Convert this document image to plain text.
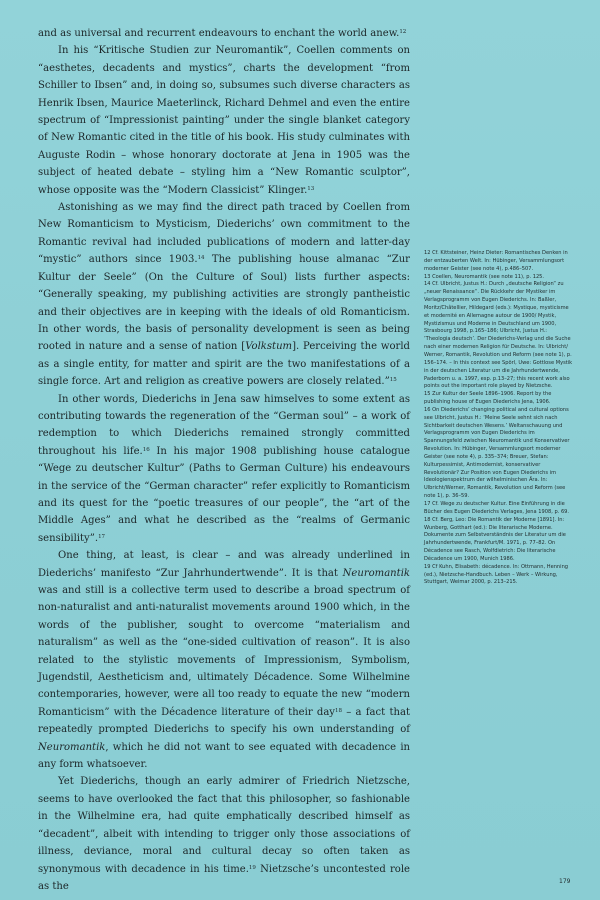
and as universal and recurrent endeavours to enchant the world anew.$^{12}$

In his “Kritische Studien zur Neuromantik”, Coellen comments on “aesthetes, decadents and mystics”, charts the development “from Schiller to Ibsen” and, in doing so, subsumes such diverse characters as Henrik Ibsen, Maurice Maeterlinck, Richard Dehmel and even the entire spectrum of “Impressionist painting” under the single blanket category of New Romantic cited in the title of his book. His study culminates with Auguste Rodin – whose honorary doctorate at Jena in 1905 was the subject of heated debate – styling him a “New Romantic sculptor”, whose opposite was the “Modern Classicist” Klinger.$^{13}$

Astonishing as we may find the direct path traced by Coellen from New Romanticism to Mysticism, Diederichs’ own commitment to the Romantic revival had included publications of modern and latter-day “mystic” authors since 1903.14 The publishing house almanac “Zur Kultur der Seele” (On the Culture of Soul) lists further aspects: “Generally speaking, my publishing activities are strongly pantheistic and their objectives are in keeping with the ideals of old Romanticism. In other words, the basis of personality development is seen as being rooted in nature and a sense of nation [Volkstum]. Perceiving the world as a single entity, for matter and spirit are the two manifestations of a single force. Art and religion as creative powers are closely related.”$^{15}$

In other words, Diederichs in Jena saw himselves to some extent as contributing towards the regeneration of the “German soul” – a work of redemption to which Diederichs remained strongly committed throughout his life.$^{16}$ In his major 1908 publishing house catalogue “Wege zu deutscher Kultur” (Paths to German Culture) his endeavours in the service of the “German character” refer explicitly to Romanticism and its quest for the “poetic treasures of our people”, the “art of the Middle Ages” and what he described as the “realms of Germanic sensibility”.$^{17}$

One thing, at least, is clear – and was already underlined in Diederichs’ manifesto “Zur Jahrhundertwende”. It is that Neuromantik was and still is a collective term used to describe a broad spectrum of non-naturalist and anti-naturalist movements around 1900 which, in the words of the publisher, sought to overcome “materialism and naturalism” as well as the “one-sided cultivation of reason”. It is also related to the stylistic movements of Impressionism, Symbolism, Jugendstil, Aestheticism and, ultimately Décadence. Some Wilhelmine contemporaries, however, were all too ready to equate the new “modern Romanticism” with the Décadence literature of their day$^{18}$ – a fact that repeatedly prompted Diederichs to specify his own understanding of Neuromantik, which he did not want to see equated with decadence in any form whatsoever.

Yet Diederichs, though an early admirer of Friedrich Nietzsche, seems to have overlooked the fact that this philosopher, so fashionable in the Wilhelmine era, had quite emphatically described himself as “decadent”, albeit with intending to trigger only those associations of illness, deviance, moral and cultural decay so often taken as synonymous with decadence in his time.$^{19}$ Nietzsche’s uncontested role as the

12 Cf. Kittsteiner, Heinz Dieter: Romantisches Denken in der entzauberten Welt. In: Hübinger, Versammlungsort moderner Geister (see note 4), p.486–507.
13 Coellen, Neuromantik (see note 11), p. 125.
14 Cf. Ulbricht, Justus H.: Durch „deutsche Religion“ zu „neuer Renaissance“. Die Rückkehr der Mystiker im Verlagsprogramm von Eugen Diederichs. In: Baßler, Moritz/Châtellier, Hildegard (eds.): Mystique, mysticisme et modernité en Allemagne autour de 1900/ Mystik, Mystizismus und Moderne in Deutschland um 1900, Strasbourg 1998, p.165–186; Ulbricht, Justus H.: ‘Theologia deutsch’. Der Diederichs-Verlag und die Suche nach einer modernen Religion für Deutsche. In: Ulbricht/ Werner, Romantik, Revolution und Reform (see note 1), p. 156–174. – In this context see Spörl, Uwe: Gottlose Mystik in der deutschen Literatur um die Jahrhundertwende, Paderborn u. a. 1997, esp. p.13–27; this recent work also points out the important role played by Nietzsche.
15 Zur Kultur der Seele 1896–1906. Report by the publishing house of Eugen Diederichs Jena, 1906.
16 On Diederichs’ changing political and cultural options see Ulbricht, Justus H.: ‘Meine Seele sehnt sich nach Sichtbarkeit deutschen Wesens.’ Weltanschauung und Verlagsprogramm von Eugen Diederichs im Spannungsfeld zwischen Neuromantik und Konservativer Revolution. In: Hübinger, Versammlungsort moderner Geister (see note 4), p. 335–374; Breuer, Stefan: Kulturpessimist, Antimodernist, konservativer Revolutionär? Zur Position von Eugen Diederichs im Ideologienspektrum der wilhelminischen Ära. In: Ulbricht/Werner, Romantik, Revolution und Reform (see note 1), p. 36–59.
17 Cf. Wege zu deutscher Kultur. Eine Einführung in die Bücher des Eugen Diederichs Verlages, Jena 1908, p. 69.
18 Cf. Berg, Leo: Die Romantik der Moderne [1891]. In: Wunberg, Gotthart (ed.): Die literarische Moderne. Dokumente zum Selbstverständnis der Literatur um die Jahrhundertwende, Frankfurt/M. 1971, p. 77–82. On Décadence see Rasch, Wolfdietrich: Die literarische Décadence um 1900, Munich 1986.
19 Cf Kuhn, Elisabeth: décadence. In: Ottmann, Henning (ed.), Nietzsche-Handbuch. Leben – Werk – Wirkung, Stuttgart, Weimar 2000, p. 213–215.
179
